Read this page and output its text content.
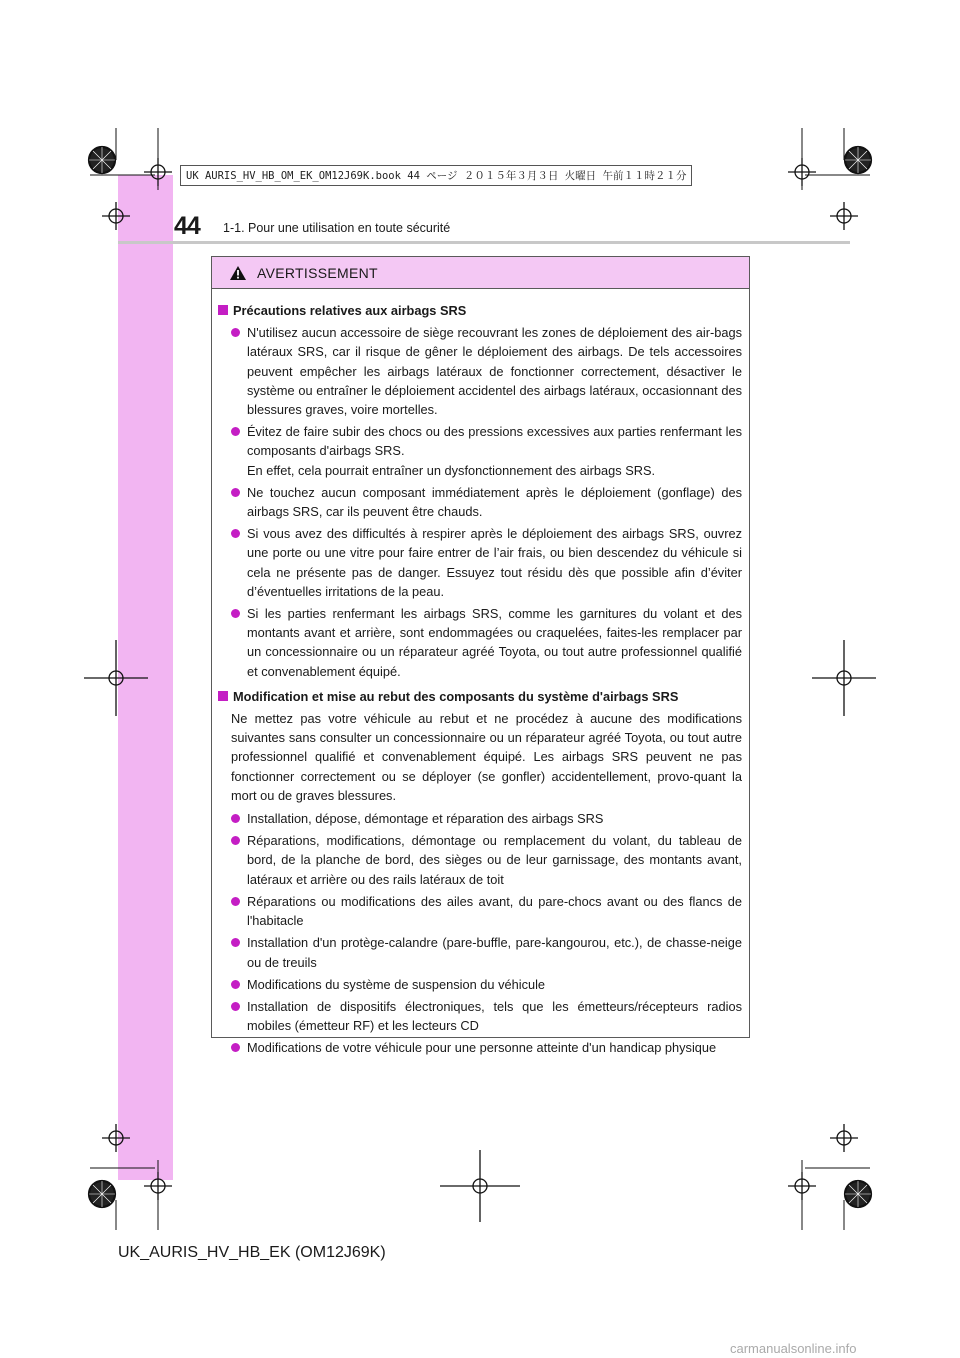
UK AURIS_HV_HB_OM_EK_OM12J69K.book 44 ページ ２０１５年３月３日 火曜日 午前１１時２１分
44 1-1. Pour une utilisation en toute sécurité
AVERTISSEMENT
Précautions relatives aux airbags SRS
N'utilisez aucun accessoire de siège recouvrant les zones de déploiement des air-bags latéraux SRS, car il risque de gêner le déploiement des airbags. De tels accessoires peuvent empêcher les airbags latéraux de fonctionner correctement, désactiver le système ou entraîner le déploiement accidentel des airbags latéraux, occasionnant des blessures graves, voire mortelles.
Évitez de faire subir des chocs ou des pressions excessives aux parties renfermant les composants d'airbags SRS.
En effet, cela pourrait entraîner un dysfonctionnement des airbags SRS.
Ne touchez aucun composant immédiatement après le déploiement (gonflage) des airbags SRS, car ils peuvent être chauds.
Si vous avez des difficultés à respirer après le déploiement des airbags SRS, ouvrez une porte ou une vitre pour faire entrer de l’air frais, ou bien descendez du véhicule si cela ne présente pas de danger. Essuyez tout résidu dès que possible afin d’éviter d’éventuelles irritations de la peau.
Si les parties renfermant les airbags SRS, comme les garnitures du volant et des montants avant et arrière, sont endommagées ou craquelées, faites-les remplacer par un concessionnaire ou un réparateur agréé Toyota, ou tout autre professionnel qualifié et convenablement équipé.
Modification et mise au rebut des composants du système d'airbags SRS
Ne mettez pas votre véhicule au rebut et ne procédez à aucune des modifications suivantes sans consulter un concessionnaire ou un réparateur agréé Toyota, ou tout autre professionnel qualifié et convenablement équipé. Les airbags SRS peuvent ne pas fonctionner correctement ou se déployer (se gonfler) accidentellement, provo-quant la mort ou de graves blessures.
Installation, dépose, démontage et réparation des airbags SRS
Réparations, modifications, démontage ou remplacement du volant, du tableau de bord, de la planche de bord, des sièges ou de leur garnissage, des montants avant, latéraux et arrière ou des rails latéraux de toit
Réparations ou modifications des ailes avant, du pare-chocs avant ou des flancs de l'habitacle
Installation d'un protège-calandre (pare-buffle, pare-kangourou, etc.), de chasse-neige ou de treuils
Modifications du système de suspension du véhicule
Installation de dispositifs électroniques, tels que les émetteurs/récepteurs radios mobiles (émetteur RF) et les lecteurs CD
Modifications de votre véhicule pour une personne atteinte d'un handicap physique
UK_AURIS_HV_HB_EK (OM12J69K)
carmanualsonline.info
